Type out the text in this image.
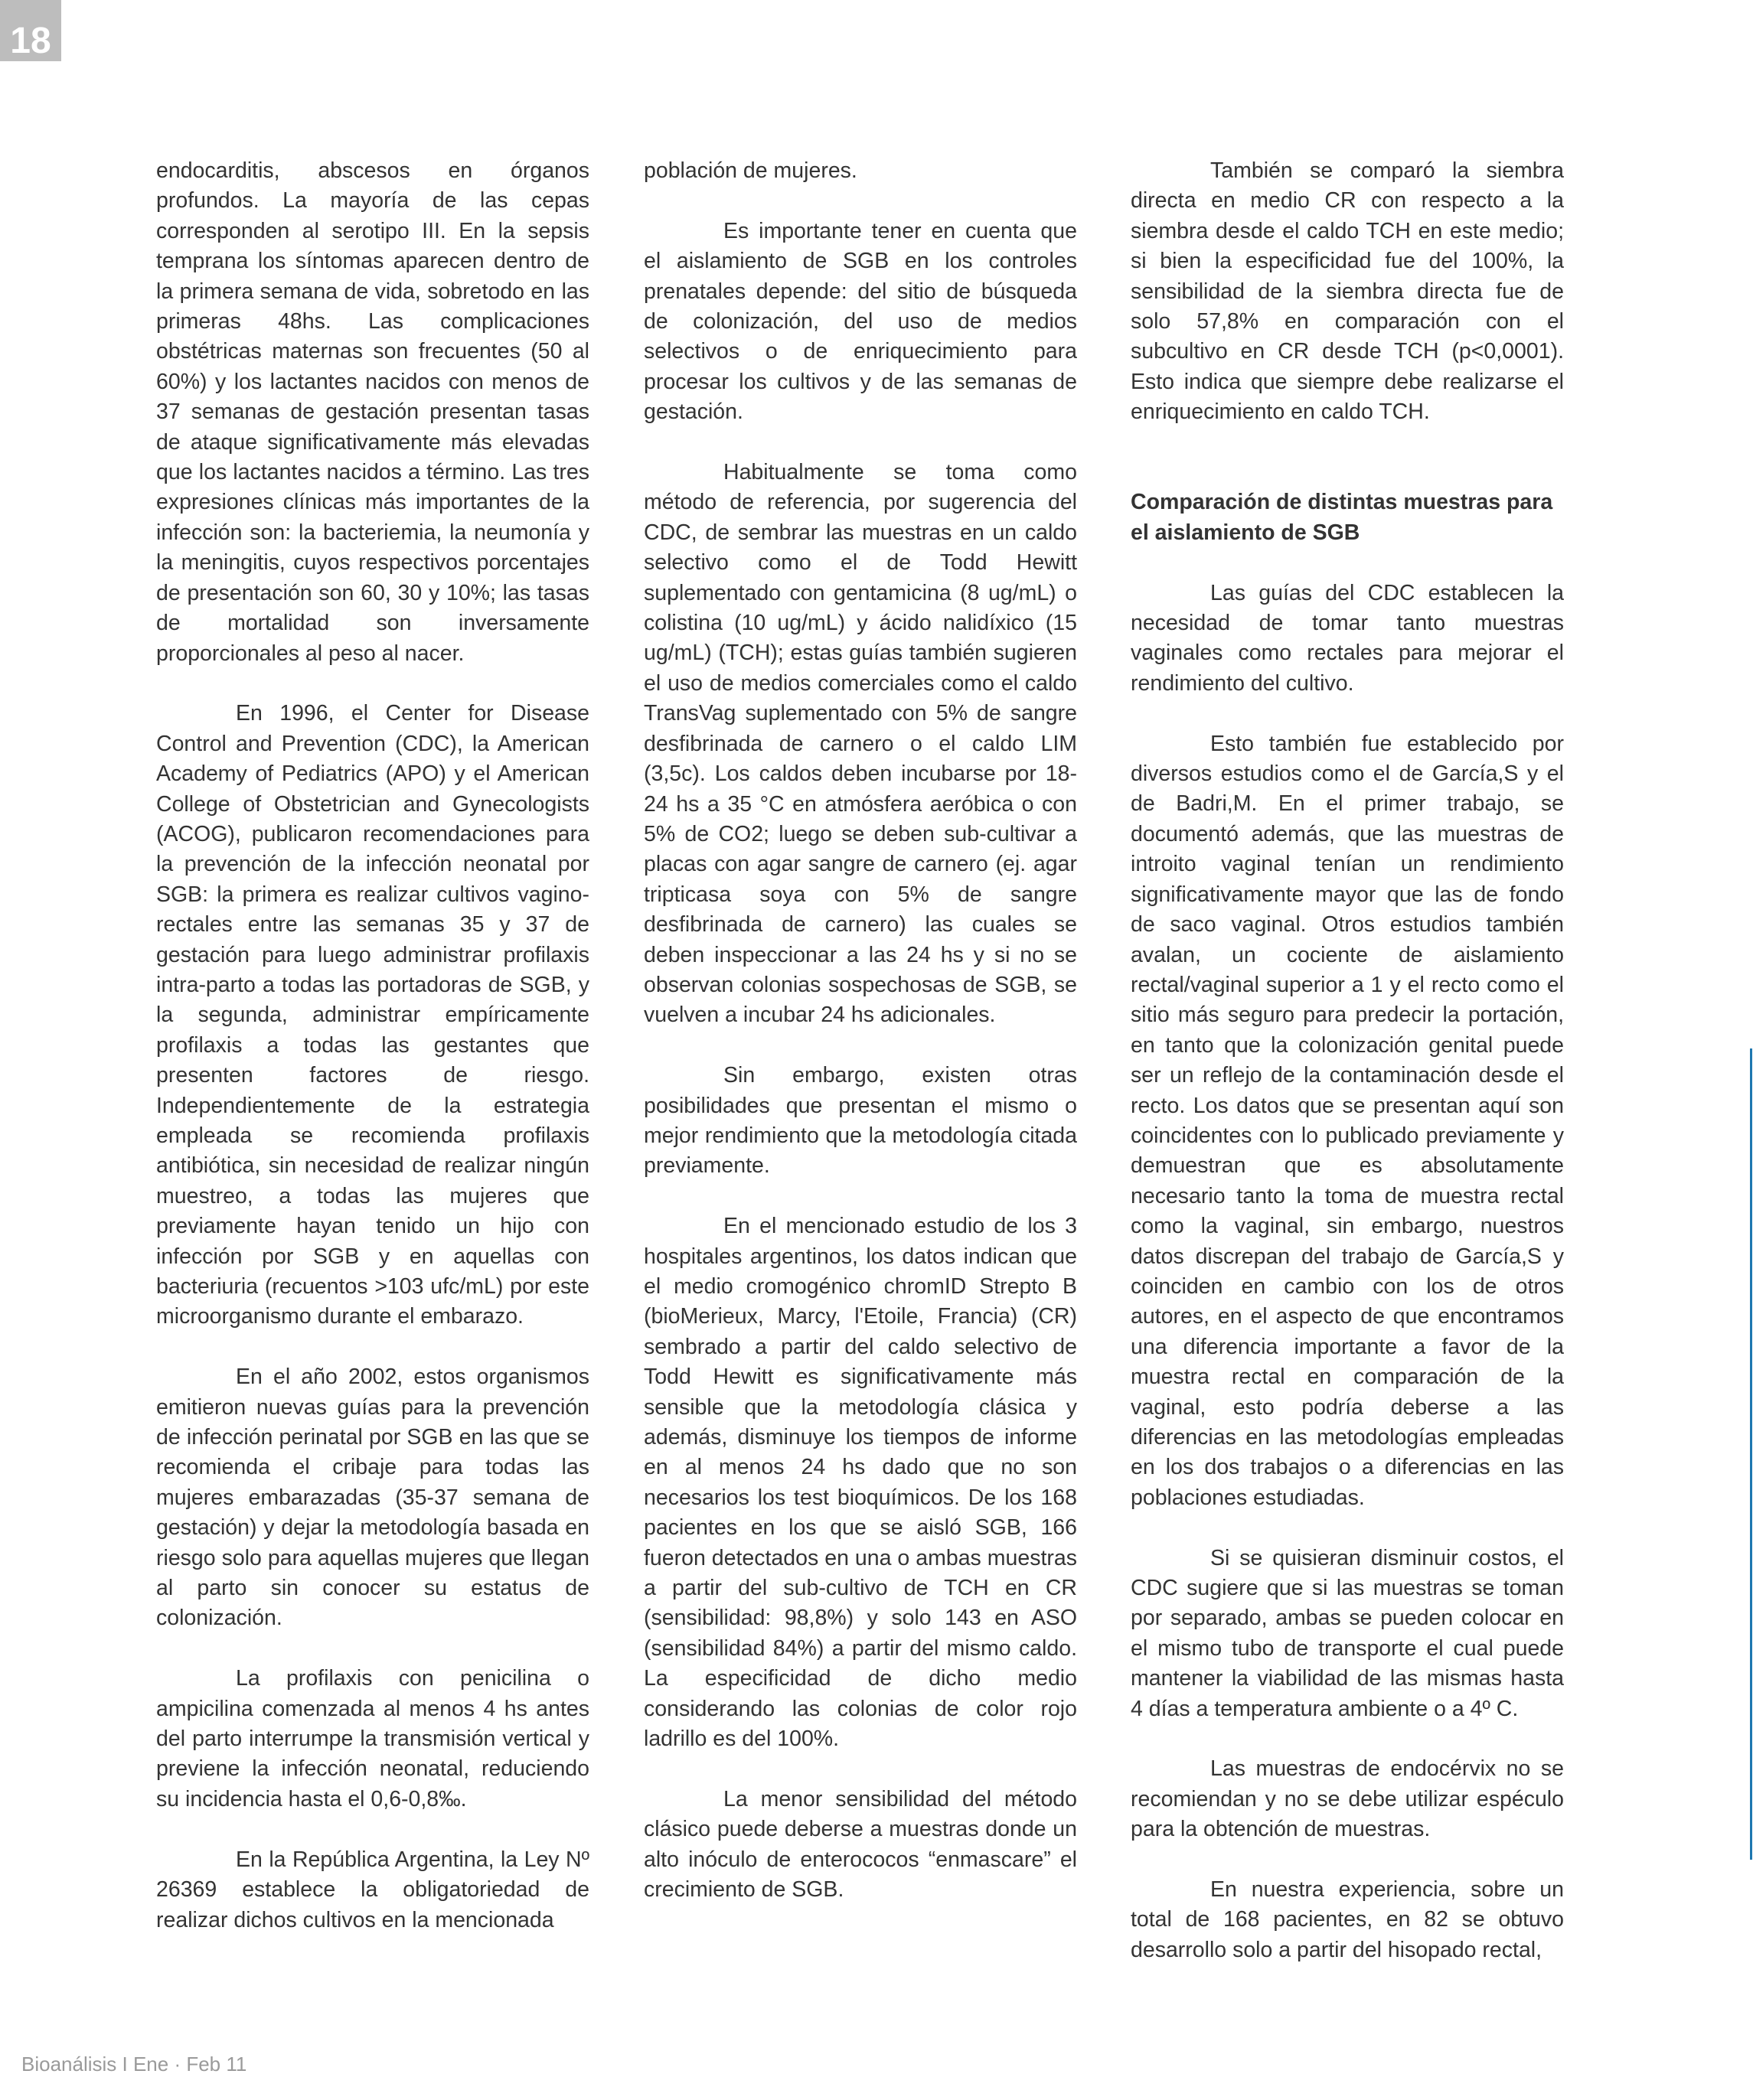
18

endocarditis, abscesos en órganos profundos. La mayoría de las cepas corresponden al serotipo III. En la sepsis temprana los síntomas aparecen dentro de la primera semana de vida, sobretodo en las primeras 48hs. Las complicaciones obstétricas maternas son frecuentes (50 al 60%) y los lactantes nacidos con menos de 37 semanas de gestación presentan tasas de ataque significativamente más elevadas que los lactantes nacidos a término. Las tres expresiones clínicas más importantes de la infección son: la bacteriemia, la neumonía y la meningitis, cuyos respectivos porcentajes de presentación son 60, 30 y 10%; las tasas de mortalidad son inversamente proporcionales al peso al nacer.

En 1996, el Center for Disease Control and Prevention (CDC), la American Academy of Pediatrics (APO) y el American College of Obstetrician and Gynecologists (ACOG), publicaron recomendaciones para la prevención de la infección neonatal por SGB: la primera es realizar cultivos vagino-rectales entre las semanas 35 y 37 de gestación para luego administrar profilaxis intra-parto a todas las portadoras de SGB, y la segunda, administrar empíricamente profilaxis a todas las gestantes que presenten factores de riesgo. Independientemente de la estrategia empleada se recomienda profilaxis antibiótica, sin necesidad de realizar ningún muestreo, a todas las mujeres que previamente hayan tenido un hijo con infección por SGB y en aquellas con bacteriuria (recuentos >103 ufc/mL) por este microorganismo durante el embarazo.

En el año 2002, estos organismos emitieron nuevas guías para la prevención de infección perinatal por SGB en las que se recomienda el cribaje para todas las mujeres embarazadas (35-37 semana de gestación) y dejar la metodología basada en riesgo solo para aquellas mujeres que llegan al parto sin conocer su estatus de colonización.

La profilaxis con penicilina o ampicilina comenzada al menos 4 hs antes del parto interrumpe la transmisión vertical y previene la infección neonatal, reduciendo su incidencia hasta el 0,6-0,8‰.

En la República Argentina, la Ley Nº 26369 establece la obligatoriedad de realizar dichos cultivos en la mencionada

población de mujeres.

Es importante tener en cuenta que el aislamiento de SGB en los controles prenatales depende: del sitio de búsqueda de colonización, del uso de medios selectivos o de enriquecimiento para procesar los cultivos y de las semanas de gestación.

Habitualmente se toma como método de referencia, por sugerencia del CDC, de sembrar las muestras en un caldo selectivo como el de Todd Hewitt suplementado con gentamicina (8 ug/mL) o colistina (10 ug/mL) y ácido nalidíxico (15 ug/mL) (TCH); estas guías también sugieren el uso de medios comerciales como el caldo TransVag suplementado con 5% de sangre desfibrinada de carnero o el caldo LIM (3,5c). Los caldos deben incubarse por 18-24 hs a 35 °C en atmósfera aeróbica o con 5% de CO2; luego se deben sub-cultivar a placas con agar sangre de carnero (ej. agar tripticasa soya con 5% de sangre desfibrinada de carnero) las cuales se deben inspeccionar a las 24 hs y si no se observan colonias sospechosas de SGB, se vuelven a incubar 24 hs adicionales.

Sin embargo, existen otras posibilidades que presentan el mismo o mejor rendimiento que la metodología citada previamente.

En el mencionado estudio de los 3 hospitales argentinos, los datos indican que el medio cromogénico chromID Strepto B (bioMerieux, Marcy, l'Etoile, Francia) (CR) sembrado a partir del caldo selectivo de Todd Hewitt es significativamente más sensible que la metodología clásica y además, disminuye los tiempos de informe en al menos 24 hs dado que no son necesarios los test bioquímicos. De los 168 pacientes en los que se aisló SGB, 166 fueron detectados en una o ambas muestras a partir del sub-cultivo de TCH en CR (sensibilidad: 98,8%) y solo 143 en ASO (sensibilidad 84%) a partir del mismo caldo. La especificidad de dicho medio considerando las colonias de color rojo ladrillo es del 100%.

La menor sensibilidad del método clásico puede deberse a muestras donde un alto inóculo de enterococos “enmascare” el crecimiento de SGB.

También se comparó la siembra directa en medio CR con respecto a la siembra desde el caldo TCH en este medio; si bien la especificidad fue del 100%, la sensibilidad de la siembra directa fue de solo 57,8% en comparación con el subcultivo en CR desde TCH (p<0,0001). Esto indica que siempre debe realizarse el enriquecimiento en caldo TCH.

Comparación de distintas muestras para el aislamiento de SGB

Las guías del CDC establecen la necesidad de tomar tanto muestras vaginales como rectales para mejorar el rendimiento del cultivo.

Esto también fue establecido por diversos estudios como el de García,S y el de Badri,M. En el primer trabajo, se documentó además, que las muestras de introito vaginal tenían un rendimiento significativamente mayor que las de fondo de saco vaginal. Otros estudios también avalan, un cociente de aislamiento rectal/vaginal superior a 1 y el recto como el sitio más seguro para predecir la portación, en tanto que la colonización genital puede ser un reflejo de la contaminación desde el recto. Los datos que se presentan aquí son coincidentes con lo publicado previamente y demuestran que es absolutamente necesario tanto la toma de muestra rectal como la vaginal, sin embargo, nuestros datos discrepan del trabajo de García,S y coinciden en cambio con los de otros autores, en el aspecto de que encontramos una diferencia importante a favor de la muestra rectal en comparación de la vaginal, esto podría deberse a las diferencias en las metodologías empleadas en los dos trabajos o a diferencias en las poblaciones estudiadas.

Si se quisieran disminuir costos, el CDC sugiere que si las muestras se toman por separado, ambas se pueden colocar en el mismo tubo de transporte el cual puede mantener la viabilidad de las mismas hasta 4 días a temperatura ambiente o a 4º C.

Las muestras de endocérvix no se recomiendan y no se debe utilizar espéculo para la obtención de muestras.

En nuestra experiencia, sobre un total de 168 pacientes, en 82 se obtuvo desarrollo solo a partir del hisopado rectal,

Bioanálisis I Ene · Feb 11
